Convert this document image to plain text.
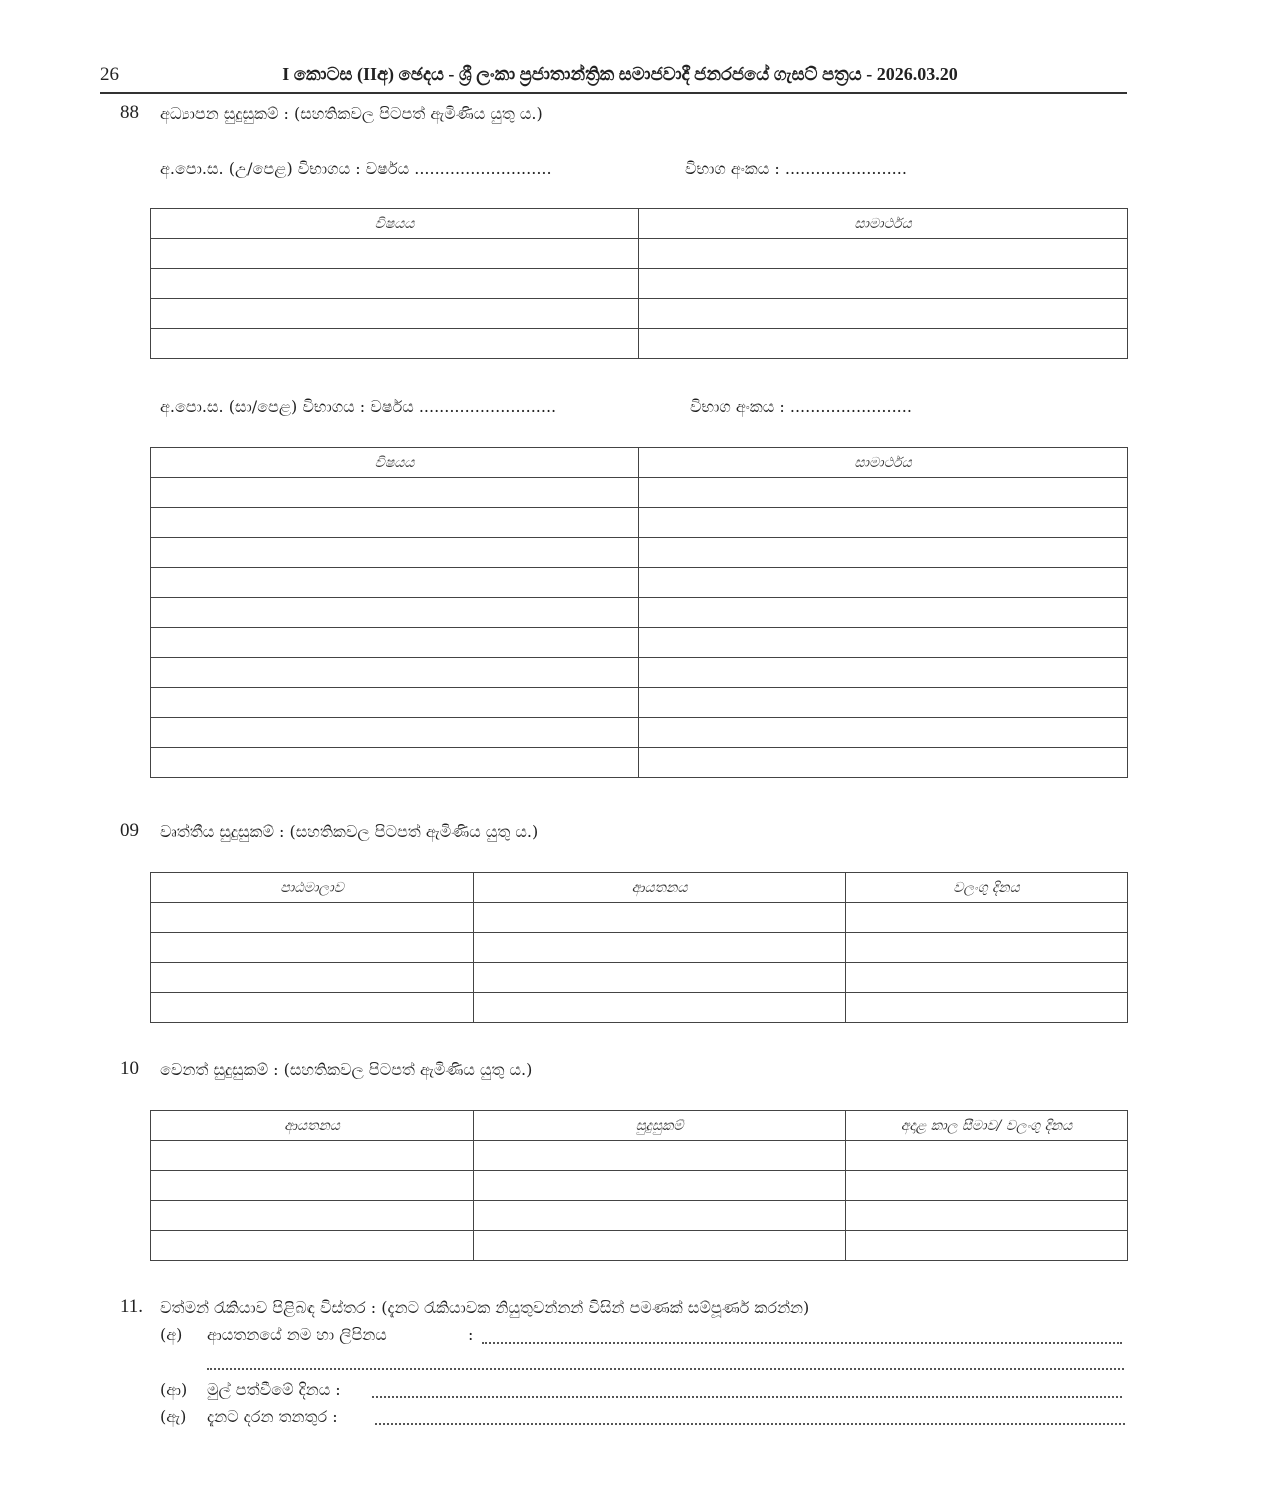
26	I කොටස (IIඅ) ඡෙදය - ශ්‍රී ලංකා ප්‍රජාතාන්ත්‍රික සමාජවාදී ජනරජයේ ගැසට් පත්‍රය - 2026.03.20
88 අධ්‍යාපන සුදුසුකම් : (සහතිකවල පිටපත් ඇමිණිය යුතු ය.)
අ.පො.ස. (උ/පෙළ) විභාගය : වර්ෂය ...........................	විභාග අංකය : ........................
විෂයය	සාමාර්ථය

අ.පො.ස. (සා/පෙළ) විභාගය : වර්ෂය ...........................	විභාග අංකය : ........................
විෂයය	සාමාර්ථය

09 වෘත්තීය සුදුසුකම් : (සහතිකවල පිටපත් ඇමිණිය යුතු ය.)
පාඨමාලාව	ආයතනය	වලංගු දිනය

10 වෙනත් සුදුසුකම් : (සහතිකවල පිටපත් ඇමිණිය යුතු ය.)
ආයතනය	සුදුසුකම්	අදාළ කාල සීමාව/ වලංගු දිනය

11. වත්මන් රැකියාව පිළිබඳ විස්තර : (දැනට රැකියාවක නියුතුවන්නන් විසින් පමණක් සම්පූර්ණ කරන්න)
(අ) ආයතනයේ නම හා ලිපිනය	:
(ආ) මුල් පත්වීමේ දිනය :
(ඇ) දැනට දරන තනතුර :
